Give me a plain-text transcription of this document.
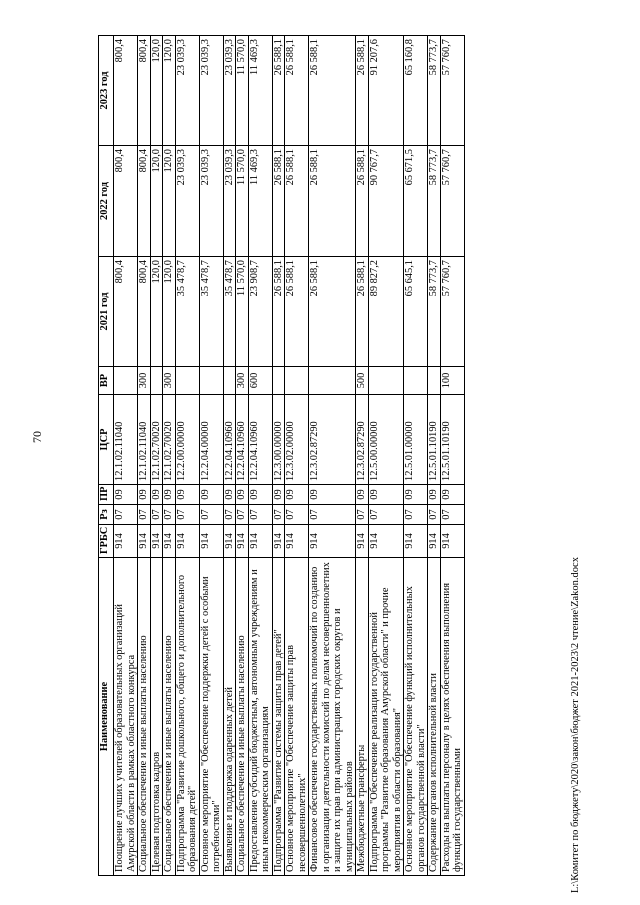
70
Наименование	ГРБС	Рз	ПР	ЦСР	ВР	2021 год	2022 год	2023 год
Поощрение лучших учителей образовательных организаций Амурской области в рамках областного конкурса	914	07	09	12.1.02.11040		800,4	800,4	800,4
Социальное обеспечение и иные выплаты населению	914	07	09	12.1.02.11040	300	800,4	800,4	800,4
Целевая подготовка кадров	914	07	09	12.1.02.70020		120,0	120,0	120,0
Социальное обеспечение и иные выплаты населению	914	07	09	12.1.02.70020	300	120,0	120,0	120,0
Подпрограмма "Развитие дошкольного, общего и дополнительного образования детей"	914	07	09	12.2.00.00000		35 478,7	23 039,3	23 039,3
Основное мероприятие "Обеспечение поддержки детей с особыми потребностями"	914	07	09	12.2.04.00000		35 478,7	23 039,3	23 039,3
Выявление и поддержка одаренных детей	914	07	09	12.2.04.10960		35 478,7	23 039,3	23 039,3
Социальное обеспечение и иные выплаты населению	914	07	09	12.2.04.10960	300	11 570,0	11 570,0	11 570,0
Предоставление субсидий бюджетным, автономным учреждениям и иным некоммерческим организациям	914	07	09	12.2.04.10960	600	23 908,7	11 469,3	11 469,3
Подпрограмма "Развитие системы защиты прав детей"	914	07	09	12.3.00.00000		26 588,1	26 588,1	26 588,1
Основное мероприятие "Обеспечение защиты прав несовершеннолетних"	914	07	09	12.3.02.00000		26 588,1	26 588,1	26 588,1
Финансовое обеспечение государственных полномочий по созданию и организации деятельности комиссий по делам несовершеннолетних и защите их прав при администрациях городских округов и муниципальных районов	914	07	09	12.3.02.87290		26 588,1	26 588,1	26 588,1
Межбюджетные трансферты	914	07	09	12.3.02.87290	500	26 588,1	26 588,1	26 588,1
Подпрограмма "Обеспечение реализации государственной программы "Развитие образования Амурской области" и прочие мероприятия в области образования"	914	07	09	12.5.00.00000		89 827,2	90 767,7	91 207,6
Основное мероприятие "Обеспечение функций исполнительных органов государственной власти"	914	07	09	12.5.01.00000		65 645,1	65 671,5	65 160,8
Содержание органов исполнительной власти	914	07	09	12.5.01.10190		58 773,7	58 773,7	58 773,7
Расходы на выплаты персоналу в целях обеспечения выполнения функций государственными	914	07	09	12.5.01.10190	100	57 760,7	57 760,7	57 760,7
L:\Комитет по бюджету\2020\закон\бюджет 2021-2023\2 чтение\Zakon.docx
